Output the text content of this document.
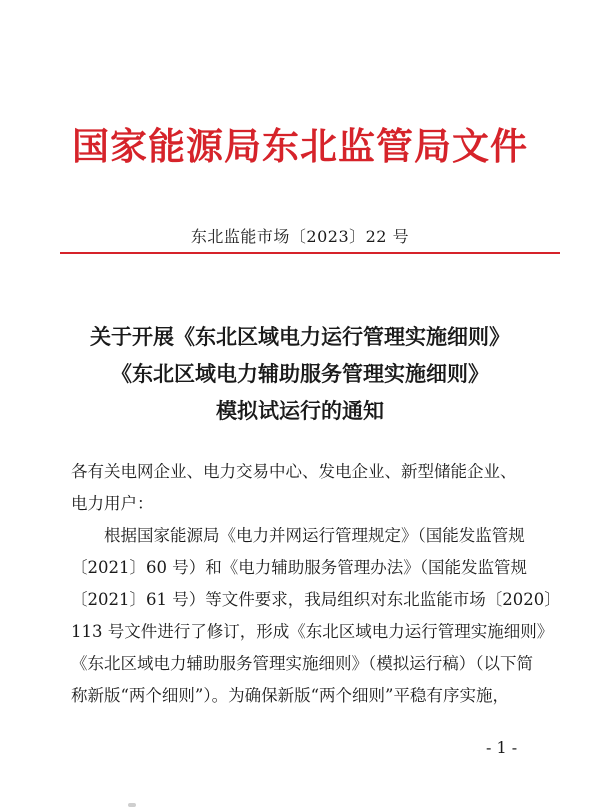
国家能源局东北监管局文件
东北监能市场〔2023〕22 号
关于开展《东北区域电力运行管理实施细则》
《东北区域电力辅助服务管理实施细则》
模拟试运行的通知
各有关电网企业、电力交易中心、发电企业、新型储能企业、
电力用户：
根据国家能源局《电力并网运行管理规定》（国能发监管规
〔2021〕60 号）和《电力辅助服务管理办法》（国能发监管规
〔2021〕61 号）等文件要求，我局组织对东北监能市场〔2020〕
113 号文件进行了修订，形成《东北区域电力运行管理实施细则》
《东北区域电力辅助服务管理实施细则》（模拟运行稿）（以下简
称新版“两个细则”）。为确保新版“两个细则”平稳有序实施，
- 1 -
